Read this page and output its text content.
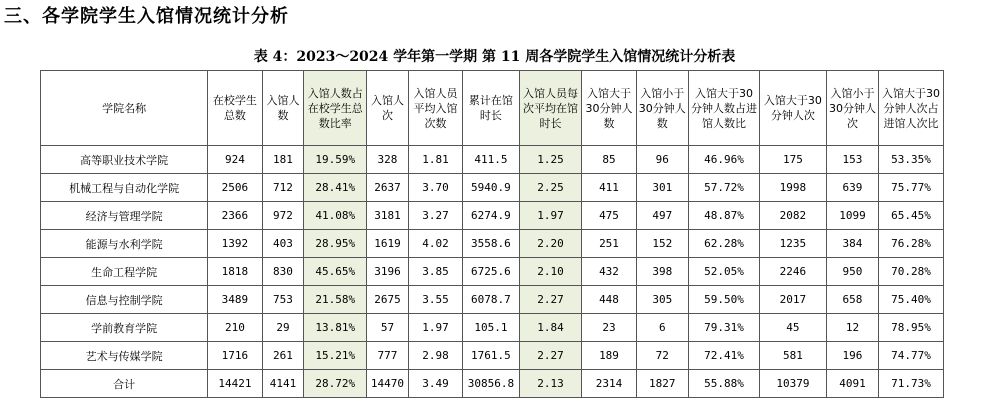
三、各学院学生入馆情况统计分析
表 4：2023～2024 学年第一学期 第 11 周各学院学生入馆情况统计分析表
学院名称	在校学生总数	入馆人数	入馆人数占在校学生总数比率	入馆人次	入馆人员平均入馆次数	累计在馆时长	入馆人员每次平均在馆时长	入馆大于30分钟人数	入馆小于30分钟人数	入馆大于30分钟人数占进馆人数比	入馆大于30分钟人次	入馆小于30分钟人次	入馆大于30分钟人次占进馆人次比
高等职业技术学院	924	181	19.59%	328	1.81	411.5	1.25	85	96	46.96%	175	153	53.35%
机械工程与自动化学院	2506	712	28.41%	2637	3.70	5940.9	2.25	411	301	57.72%	1998	639	75.77%
经济与管理学院	2366	972	41.08%	3181	3.27	6274.9	1.97	475	497	48.87%	2082	1099	65.45%
能源与水利学院	1392	403	28.95%	1619	4.02	3558.6	2.20	251	152	62.28%	1235	384	76.28%
生命工程学院	1818	830	45.65%	3196	3.85	6725.6	2.10	432	398	52.05%	2246	950	70.28%
信息与控制学院	3489	753	21.58%	2675	3.55	6078.7	2.27	448	305	59.50%	2017	658	75.40%
学前教育学院	210	29	13.81%	57	1.97	105.1	1.84	23	6	79.31%	45	12	78.95%
艺术与传媒学院	1716	261	15.21%	777	2.98	1761.5	2.27	189	72	72.41%	581	196	74.77%
合计	14421	4141	28.72%	14470	3.49	30856.8	2.13	2314	1827	55.88%	10379	4091	71.73%
